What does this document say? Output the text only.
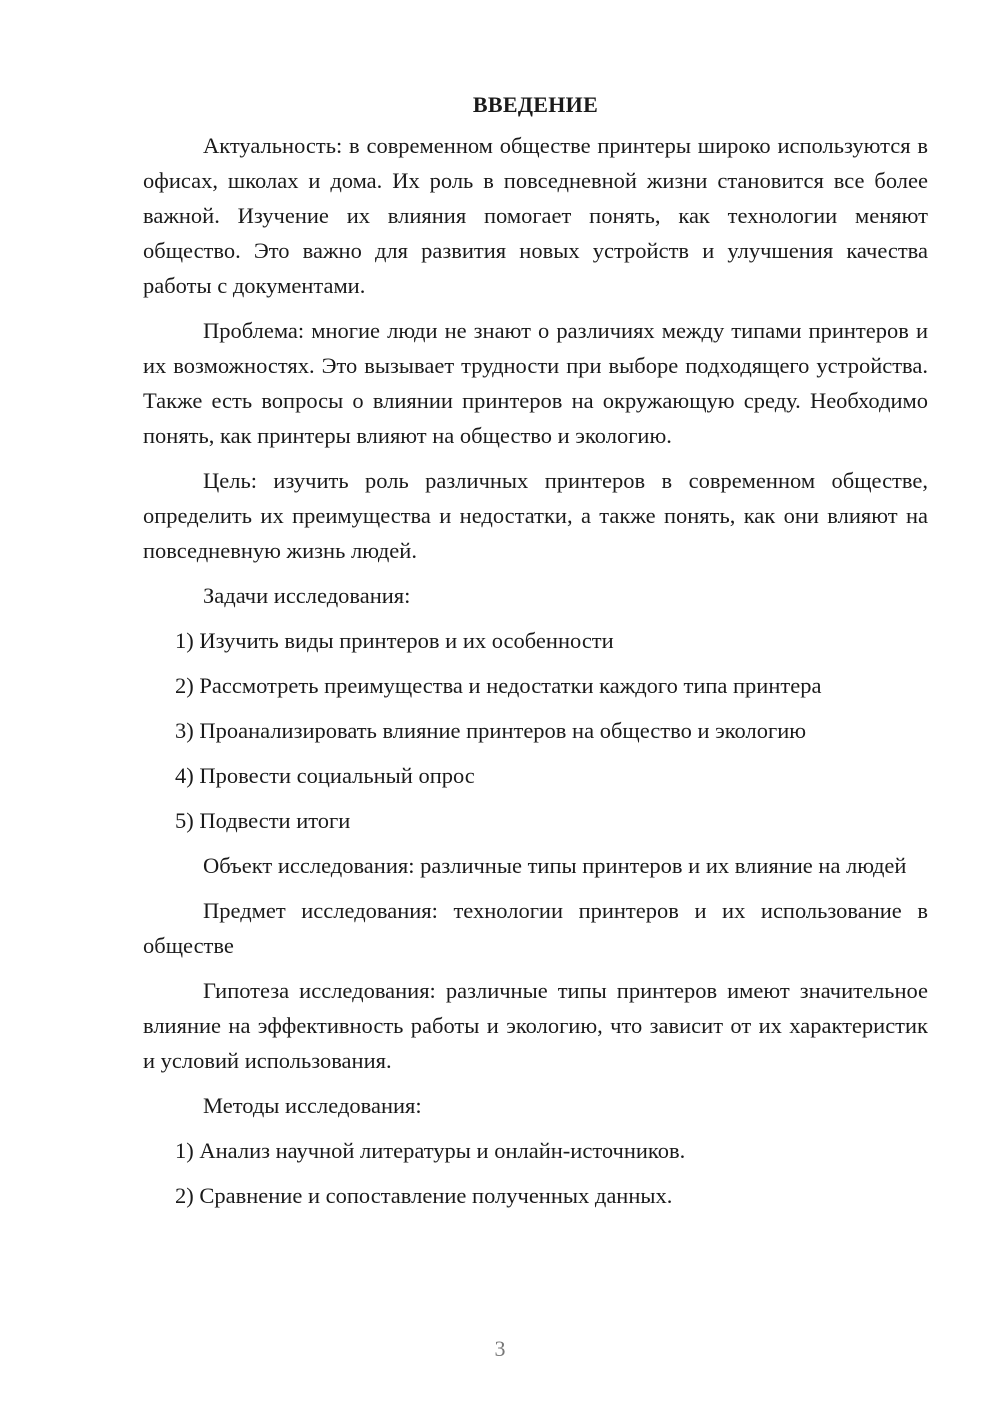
ВВЕДЕНИЕ

Актуальность: в современном обществе принтеры широко используются в офисах, школах и дома. Их роль в повседневной жизни становится все более важной. Изучение их влияния помогает понять, как технологии меняют общество. Это важно для развития новых устройств и улучшения качества работы с документами.

Проблема: многие люди не знают о различиях между типами принтеров и их возможностях. Это вызывает трудности при выборе подходящего устройства. Также есть вопросы о влиянии принтеров на окружающую среду. Необходимо понять, как принтеры влияют на общество и экологию.

Цель: изучить роль различных принтеров в современном обществе, определить их преимущества и недостатки, а также понять, как они влияют на повседневную жизнь людей.

Задачи исследования:

1) Изучить виды принтеров и их особенности
2) Рассмотреть преимущества и недостатки каждого типа принтера
3) Проанализировать влияние принтеров на общество и экологию
4) Провести социальный опрос
5) Подвести итоги

Объект исследования: различные типы принтеров и их влияние на людей

Предмет исследования: технологии принтеров и их использование в обществе

Гипотеза исследования: различные типы принтеров имеют значительное влияние на эффективность работы и экологию, что зависит от их характеристик и условий использования.

Методы исследования:

1) Анализ научной литературы и онлайн-источников.
2) Сравнение и сопоставление полученных данных.
3
